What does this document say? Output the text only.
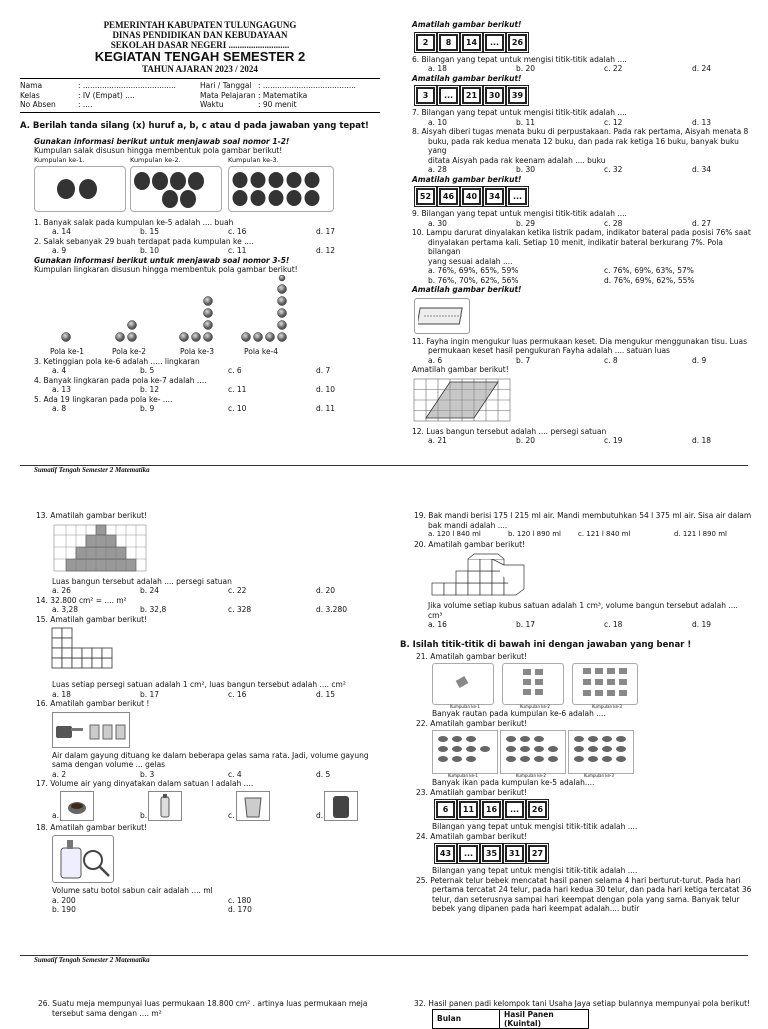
PEMERINTAH KABUPATEN TULUNGAGUNG
DINAS PENDIDIKAN DAN KEBUDAYAAN
SEKOLAH DASAR NEGERI ...........................
KEGIATAN TENGAH SEMESTER 2
TAHUN AJARAN 2023 / 2024
Nama	: .......................................
Kelas	: IV (Empat) ....
No Absen	: ....
Hari / Tanggal : .......................................
Mata Pelajaran : Matematika
Waktu	: 90 menit
A. Berilah tanda silang (x) huruf a, b, c atau d pada jawaban yang tepat!
Gunakan informasi berikut untuk menjawab soal nomor 1-2!
Kumpulan salak disusun hingga membentuk pola gambar berikut!
Kumpulan ke-1.	Kumpulan ke-2.	Kumpulan ke-3.
1. Banyak salak pada kumpulan ke-5 adalah .... buah
a. 14	b. 15	c. 16	d. 17
2. Salak sebanyak 29 buah terdapat pada kumpulan ke ....
a. 9	b. 10	c. 11	d. 12
Gunakan informasi berikut untuk menjawab soal nomor 3-5!
Kumpulan lingkaran disusun hingga membentuk pola gambar berikut!
Pola ke-1	Pola ke-2	Pola ke-3	Pola ke-4
3. Ketinggian pola ke-6 adalah ..... lingkaran
a. 4	b. 5	c. 6	d. 7
4. Banyak lingkaran pada pola ke-7 adalah ....
a. 13	b. 12	c. 11	d. 10
5. Ada 19 lingkaran pada pola ke- ....
a. 8	b. 9	c. 10	d. 11
Amatilah gambar berikut!
2	8	14	...	26
6. Bilangan yang tepat untuk mengisi titik-titik adalah ....
a. 18	b. 20	c. 22	d. 24
Amatilah gambar berikut!
3	...	21	30	39
7. Bilangan yang tepat untuk mengisi titik-titik adalah ....
a. 10	b. 11	c. 12	d. 13
8. Aisyah diberi tugas menata buku di perpustakaan. Pada rak pertama, Aisyah menata 8
buku, pada rak kedua menata 12 buku, dan pada rak ketiga 16 buku, banyak buku yang
ditata Aisyah pada rak keenam adalah .... buku
a. 28	b. 30	c. 32	d. 34
Amatilah gambar berikut!
52	46	40	34	...
9. Bilangan yang tepat untuk mengisi titik-titik adalah ....
a. 30	b. 29	c. 28	d. 27
10. Lampu darurat dinyalakan ketika listrik padam, indikator bateral pada posisi 76% saat
dinyalakan pertama kali. Setiap 10 menit, indikatir bateral berkurang 7%. Pola bilangan
yang sesuai adalah ....
a. 76%, 69%, 65%, 59%	c. 76%, 69%, 63%, 57%
b. 76%, 70%, 62%, 56%	d. 76%, 69%, 62%, 55%
Amatilah gambar berikut!
11. Fayha ingin mengukur luas permukaan keset. Dia mengukur menggunakan tisu. Luas
permukaan keset hasil pengukuran Fayha adalah .... satuan luas
a. 6	b. 7	c. 8	d. 9
Amatilah gambar berikut!
12. Luas bangun tersebut adalah .... persegi satuan
a. 21	b. 20	c. 19	d. 18
Sumatif Tengah Semester 2 Matematika
13. Amatilah gambar berikut!
Luas bangun tersebut adalah .... persegi satuan
a. 26	b. 24	c. 22	d. 20
14. 32.800 cm² = .... m²
a. 3,28	b. 32,8	c. 328	d. 3.280
15. Amatilah gambar berikut!
Luas setiap persegi satuan adalah 1 cm², luas bangun tersebut adalah .... cm²
a. 18	b. 17	c. 16	d. 15
16. Amatilah gambar berikut !
Air dalam gayung dituang ke dalam beberapa gelas sama rata. Jadi, volume gayung
sama dengan volume ... gelas
a. 2	b. 3	c. 4	d. 5
17. Volume air yang dinyatakan dalam satuan l adalah ....
a.	b.	c.	d.
18. Amatilah gambar berikut!
Volume satu botol sabun cair adalah .... ml
a. 200	c. 180
b. 190	d. 170
19. Bak mandi berisi 175 l 215 ml air. Mandi membutuhkan 54 l 375 ml air. Sisa air dalam
bak mandi adalah ....
a. 120 l 840 ml	b. 120 l 890 ml	c. 121 l 840 ml	d. 121 l 890 ml
20. Amatilah gambar berikut!
Jika volume setiap kubus satuan adalah 1 cm³, volume bangun tersebut adalah .... cm³
a. 16	b. 17	c. 18	d. 19
B. Isilah titik-titik di bawah ini dengan jawaban yang benar !
21. Amatilah gambar berikut!
Kumpulan ke-1	Kumpulan ke-2	Kumpulan ke-3
Banyak rautan pada kumpulan ke-6 adalah ....
22. Amatilah gambar berikut!
Kumpulan ke-1	Kumpulan ke-2	Kumpulan ke-3
Banyak ikan pada kumpulan ke-5 adalah....
23. Amatilah gambar berikut!
6	11	16	...	26
Bilangan yang tepat untuk mengisi titik-titik adalah ....
24. Amatilah gambar berikut!
43	...	35	31	27
Bilangan yang tepat untuk mengisi titik-titik adalah ....
25. Peternak telur bebek mencatat hasil panen selama 4 hari berturut-turut. Pada hari
pertama tercatat 24 telur, pada hari kedua 30 telur, dan pada hari ketiga tercatat 36
telur, dan seterusnya sampai hari keempat dengan pola yang sama. Banyak telur
bebek yang dipanen pada hari keempat adalah.... butir
Sumatif Tengah Semester 2 Matematika
26. Suatu meja mempunyai luas permukaan 18.800 cm² . artinya luas permukaan meja
tersebut sama dengan .... m²
32. Hasil panen padi kelompok tani Usaha Jaya setiap bulannya mempunyai pola berikut!
Bulan	Hasil Panen (Kuintal)
